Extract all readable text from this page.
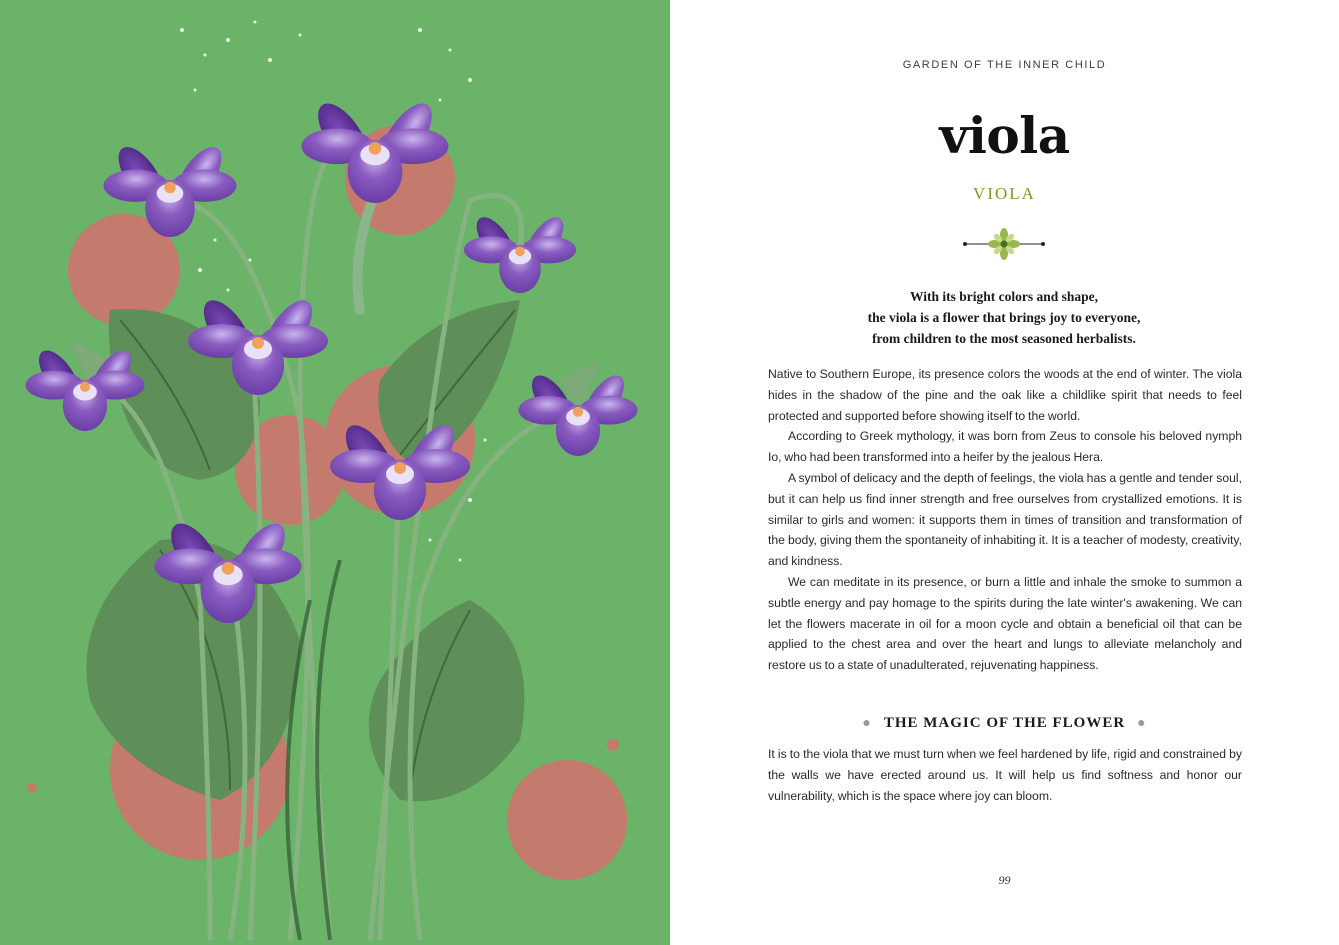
GARDEN OF THE INNER CHILD
viola
VIOLA

With its bright colors and shape,

the viola is a flower that brings joy to everyone,

from children to the most seasoned herbalists.

Native to Southern Europe, its presence colors the woods at the end of winter. The viola hides in the shadow of the pine and the oak like a childlike spirit that needs to feel protected and supported before showing itself to the world.

According to Greek mythology, it was born from Zeus to console his beloved nymph Io, who had been transformed into a heifer by the jealous Hera.

A symbol of delicacy and the depth of feelings, the viola has a gentle and tender soul, but it can help us find inner strength and free ourselves from crystallized emotions. It is similar to girls and women: it supports them in times of transition and transformation of the body, giving them the spontaneity of inhabiting it. It is a teacher of modesty, creativity, and kindness.

We can meditate in its presence, or burn a little and inhale the smoke to summon a subtle energy and pay homage to the spirits during the late winter's awakening. We can let the flowers macerate in oil for a moon cycle and obtain a beneficial oil that can be applied to the chest area and over the heart and lungs to alleviate melancholy and restore us to a state of unadulterated, rejuvenating happiness.

● THE MAGIC OF THE FLOWER ●

It is to the viola that we must turn when we feel hardened by life, rigid and constrained by the walls we have erected around us. It will help us find softness and honor our vulnerability, which is the space where joy can bloom.

99
